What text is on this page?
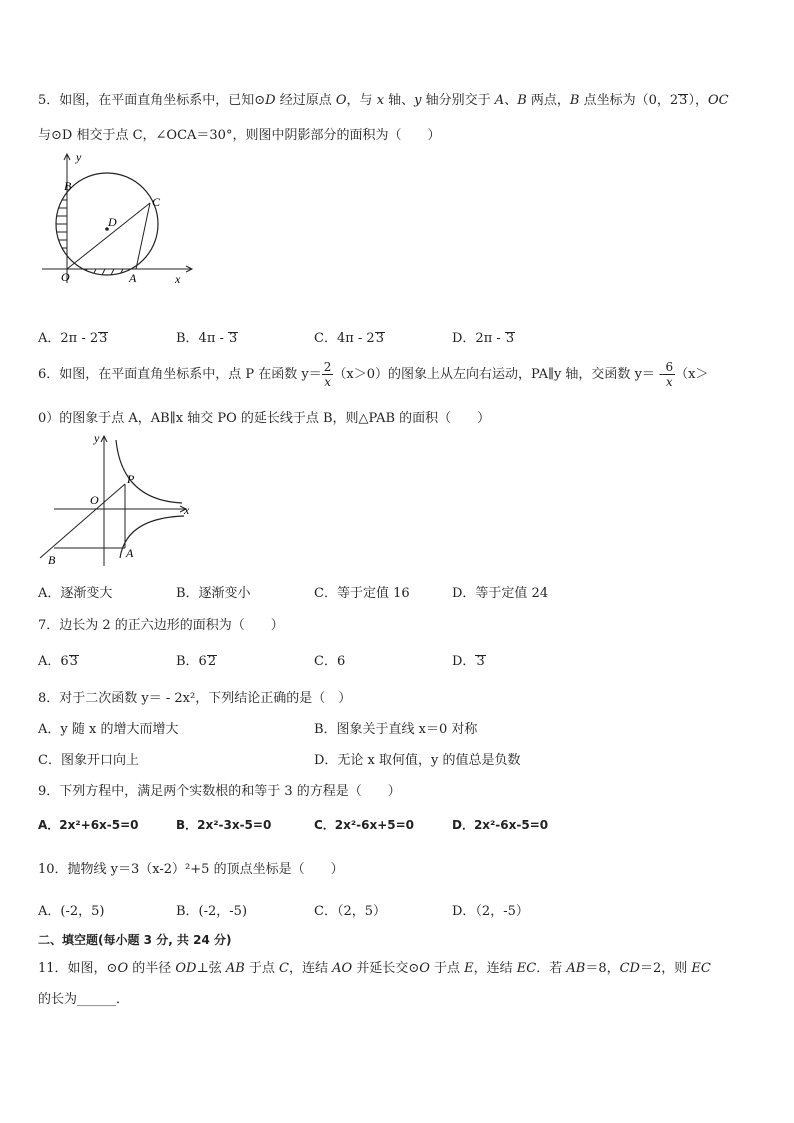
5．如图，在平面直角坐标系中，已知⊙D 经过原点 O，与 x 轴、y 轴分别交于 A、B 两点，B 点坐标为（0，23），OC
与⊙D 相交于点 C，∠OCA＝30°，则图中阴影部分的面积为（　　）
y
x
O	A
B
C
D
A．2π - 23	B．4π - 3	C．4π - 23	D．2π - 3
6．如图，在平面直角坐标系中，点 P 在函数 $y= \frac{2}{x} (x>0)$的图象上从左向右运动，PA∥y 轴，交函数 $y= - \frac{6}{x} (x>$
0）的图象于点 A，AB∥x 轴交 PO 的延长线于点 B，则△PAB 的面积（　　）
y
x
O
P
A
B
A．逐渐变大	B．逐渐变小	C．等于定值 16	D．等于定值 24
7．边长为 2 的正六边形的面积为（　　）
A．63	B．62	C．6	D．3
8．对于二次函数 y＝ - 2x²，下列结论正确的是（　）
A．y 随 x 的增大而增大	B．图象关于直线 x＝0 对称
C．图象开口向上	D．无论 x 取何值，y 的值总是负数
9．下列方程中，满足两个实数根的和等于 3 的方程是（　　）
A．2x²+6x-5=0	B．2x²-3x-5=0	C．2x²-6x+5=0	D．2x²-6x-5=0
10．抛物线 y＝3（x-2）²+5 的顶点坐标是（　　）
A．(-2，5)	B．(-2，-5)	C．（2，5）	D．（2，-5）
二、填空题(每小题 3 分, 共 24 分)
11．如图，⊙O 的半径 OD⊥弦 AB 于点 C，连结 AO 并延长交⊙O 于点 E，连结 EC．若 AB＝8，CD＝2，则 EC
的长为______．
